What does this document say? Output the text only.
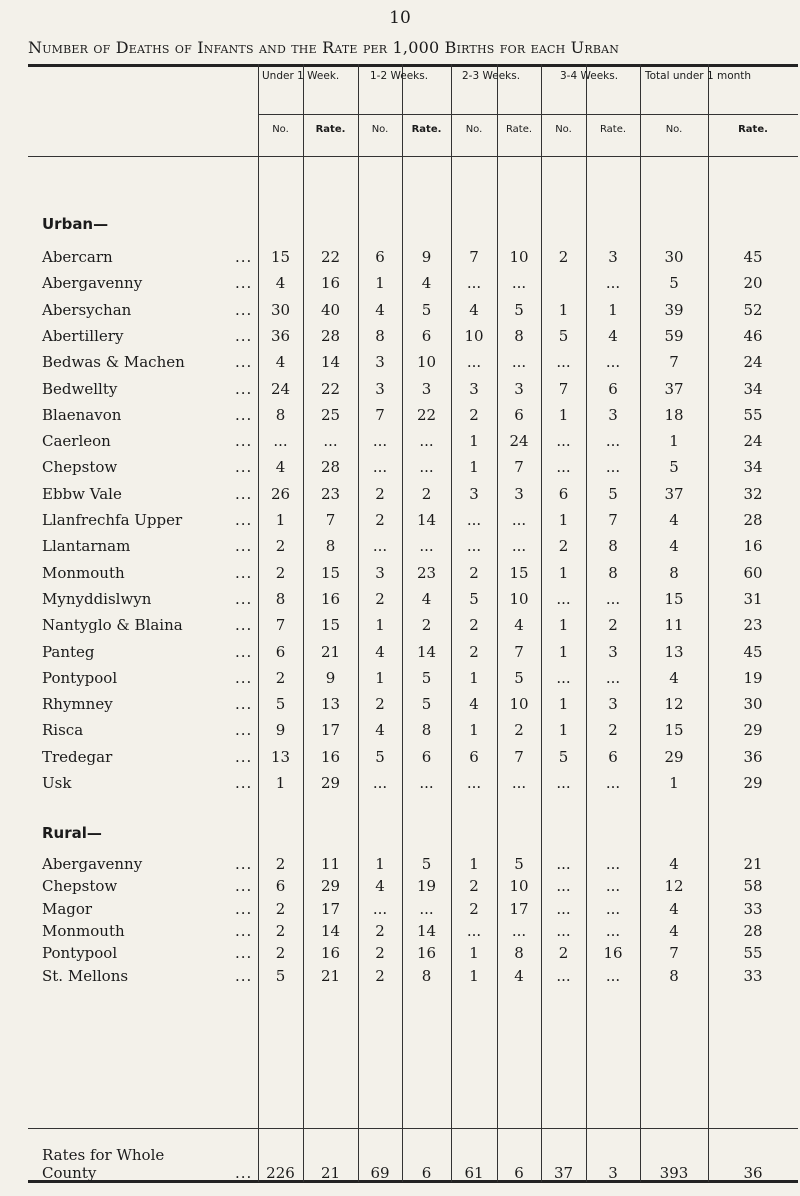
10
Number of Deaths of Infants and the Rate per 1,000 Births for each Urban
Under 1 Week.	1-2 Weeks.	2-3 Weeks.	3-4 Weeks.	Total under 1 month
No.	Rate.	No.	Rate.	No.	Rate.	No.	Rate.	No.	Rate.
Urban—
Rural—
Abercarn	...	15	22	6	9	7	10	2	3	30	45
Abergavenny	...	4	16	1	4	...	...	...	5	20
Abersychan	...	30	40	4	5	4	5	1	1	39	52
Abertillery	...	36	28	8	6	10	8	5	4	59	46
Bedwas & Machen	...	4	14	3	10	...	...	...	...	7	24
Bedwellty	...	24	22	3	3	3	3	7	6	37	34
Blaenavon	...	8	25	7	22	2	6	1	3	18	55
Caerleon	...	...	...	...	...	1	24	...	...	1	24
Chepstow	...	4	28	...	...	1	7	...	...	5	34
Ebbw Vale	...	26	23	2	2	3	3	6	5	37	32
Llanfrechfa Upper	...	1	7	2	14	...	...	1	7	4	28
Llantarnam	...	2	8	...	...	...	...	2	8	4	16
Monmouth	...	2	15	3	23	2	15	1	8	8	60
Mynyddislwyn	...	8	16	2	4	5	10	...	...	15	31
Nantyglo & Blaina	...	7	15	1	2	2	4	1	2	11	23
Panteg	...	6	21	4	14	2	7	1	3	13	45
Pontypool	...	2	9	1	5	1	5	...	...	4	19
Rhymney	...	5	13	2	5	4	10	1	3	12	30
Risca	...	9	17	4	8	1	2	1	2	15	29
Tredegar	...	13	16	5	6	6	7	5	6	29	36
Usk	...	1	29	...	...	...	...	...	...	1	29
Abergavenny	...	2	11	1	5	1	5	...	...	4	21
Chepstow	...	6	29	4	19	2	10	...	...	12	58
Magor	...	2	17	...	...	2	17	...	...	4	33
Monmouth	...	2	14	2	14	...	...	...	...	4	28
Pontypool	...	2	16	2	16	1	8	2	16	7	55
St. Mellons	...	5	21	2	8	1	4	...	...	8	33
Rates for Whole
County	... 226	21	69	6	61	6	37	3	393	36
